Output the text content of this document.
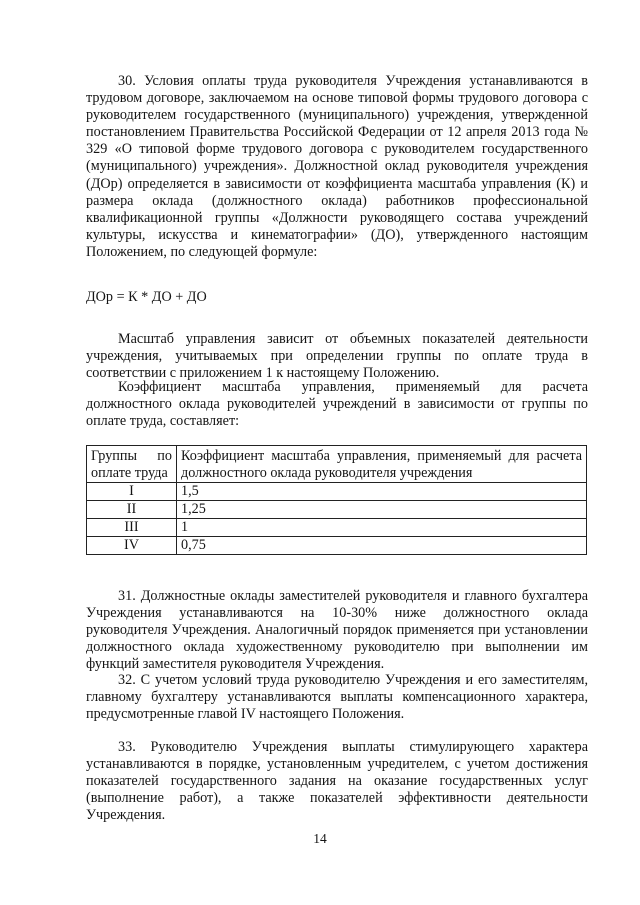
30. Условия оплаты труда руководителя Учреждения устанавливаются в трудовом договоре, заключаемом на основе типовой формы трудового договора с руководителем государственного (муниципального) учреждения, утвержденной постановлением Правительства Российской Федерации от 12 апреля 2013 года № 329 «О типовой форме трудового договора с руководителем государственного (муниципального) учреждения». Должностной оклад руководителя учреждения (ДОр) определяется в зависимости от коэффициента масштаба управления (К) и размера оклада (должностного оклада) работников профессиональной квалификационной группы «Должности руководящего состава учреждений культуры, искусства и кинематографии» (ДО), утвержденного настоящим Положением, по следующей формуле:

ДОр = К * ДО + ДО

Масштаб управления зависит от объемных показателей деятельности учреждения, учитываемых при определении группы по оплате труда в соответствии с приложением 1 к настоящему Положению.

Коэффициент масштаба управления, применяемый для расчета должностного оклада руководителей учреждений в зависимости от группы по оплате труда, составляет:

Группы по оплате труда	Коэффициент масштаба управления, применяемый для расчета должностного оклада руководителя учреждения
I	1,5
II	1,25
III	1
IV	0,75

31. Должностные оклады заместителей руководителя и главного бухгалтера Учреждения устанавливаются на 10-30% ниже должностного оклада руководителя Учреждения. Аналогичный порядок применяется при установлении должностного оклада художественному руководителю при выполнении им функций заместителя руководителя Учреждения.

32. С учетом условий труда руководителю Учреждения и его заместителям, главному бухгалтеру устанавливаются выплаты компенсационного характера, предусмотренные главой IV настоящего Положения.

33. Руководителю Учреждения выплаты стимулирующего характера устанавливаются в порядке, установленным учредителем, с учетом достижения показателей государственного задания на оказание государственных услуг (выполнение работ), а также показателей эффективности деятельности Учреждения.

14
